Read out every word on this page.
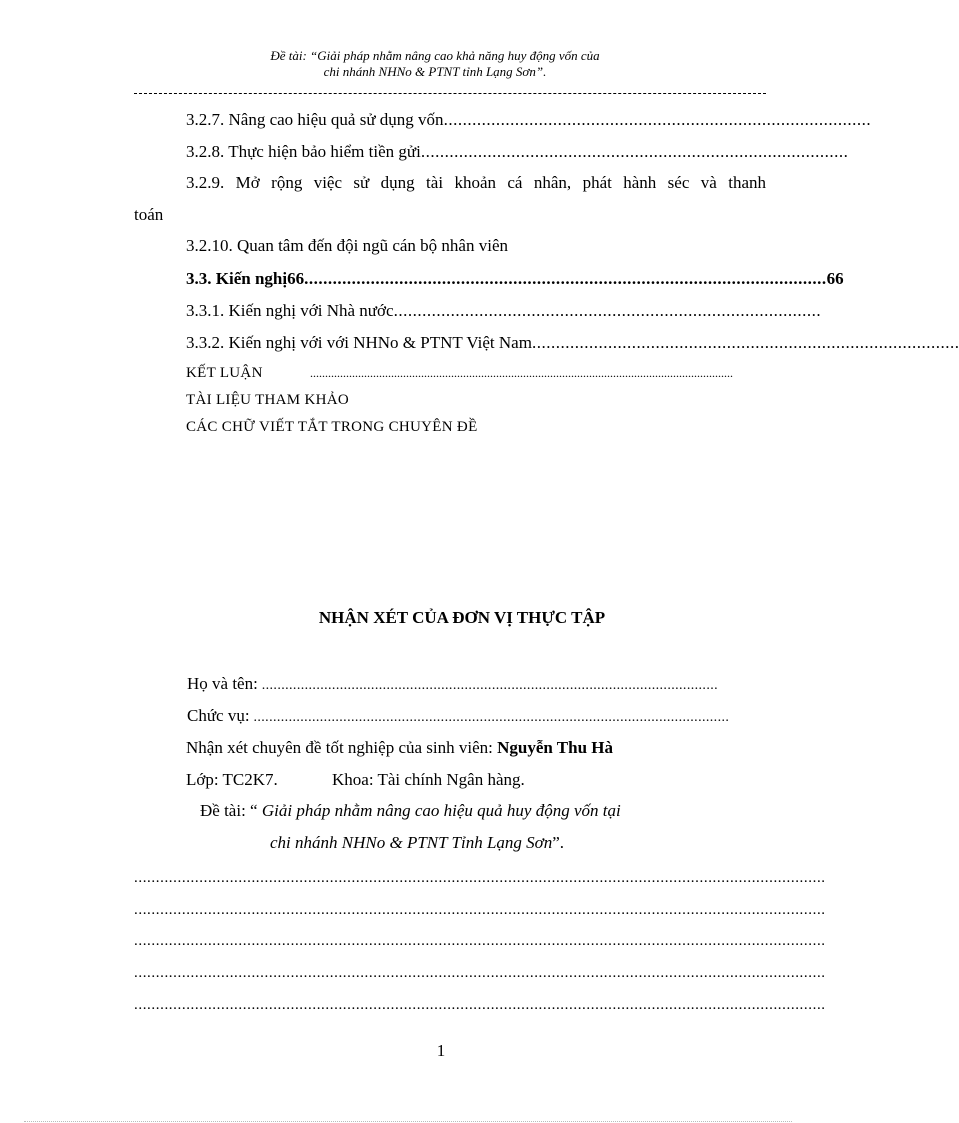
Đề tài: “Giải pháp nhằm nâng cao khả năng huy động vốn của
chi nhánh NHNo & PTNT tỉnh Lạng Sơn”.
3.2.7. Nâng cao hiệu quả sử dụng vốn ..........................................................................................
3.2.8. Thực hiện bảo hiểm tiền gửi ..........................................................................................
3.2.9. Mở rộng việc sử dụng tài khoản cá nhân, phát hành séc và thanh
toán
3.2.10. Quan tâm đến đội ngũ cán bộ nhân viên
3.3. Kiến nghị66 .............................................................................................................. 66
3.3.1. Kiến nghị với Nhà nước ..........................................................................................
3.3.2. Kiến nghị với với NHNo & PTNT Việt Nam ..........................................................................................
KẾT LUẬN	.............................................................................................................................................
TÀI LIỆU THAM KHẢO
CÁC CHỮ VIẾT TẮT TRONG CHUYÊN ĐỀ
NHẬN XÉT CỦA ĐƠN VỊ THỰC TẬP
Họ và tên: .....................................................................................................................
Chức vụ: ..........................................................................................................................
Nhận xét chuyên đề tốt nghiệp của sinh viên: Nguyễn Thu Hà
Lớp: TC2K7.	Khoa: Tài chính Ngân hàng.
Đề tài: “ Giải pháp nhằm nâng cao hiệu quả huy động vốn tại
chi nhánh NHNo & PTNT Tỉnh Lạng Sơn”.
...............................................................................................................................................................
...............................................................................................................................................................
...............................................................................................................................................................
...............................................................................................................................................................
...............................................................................................................................................................
1
